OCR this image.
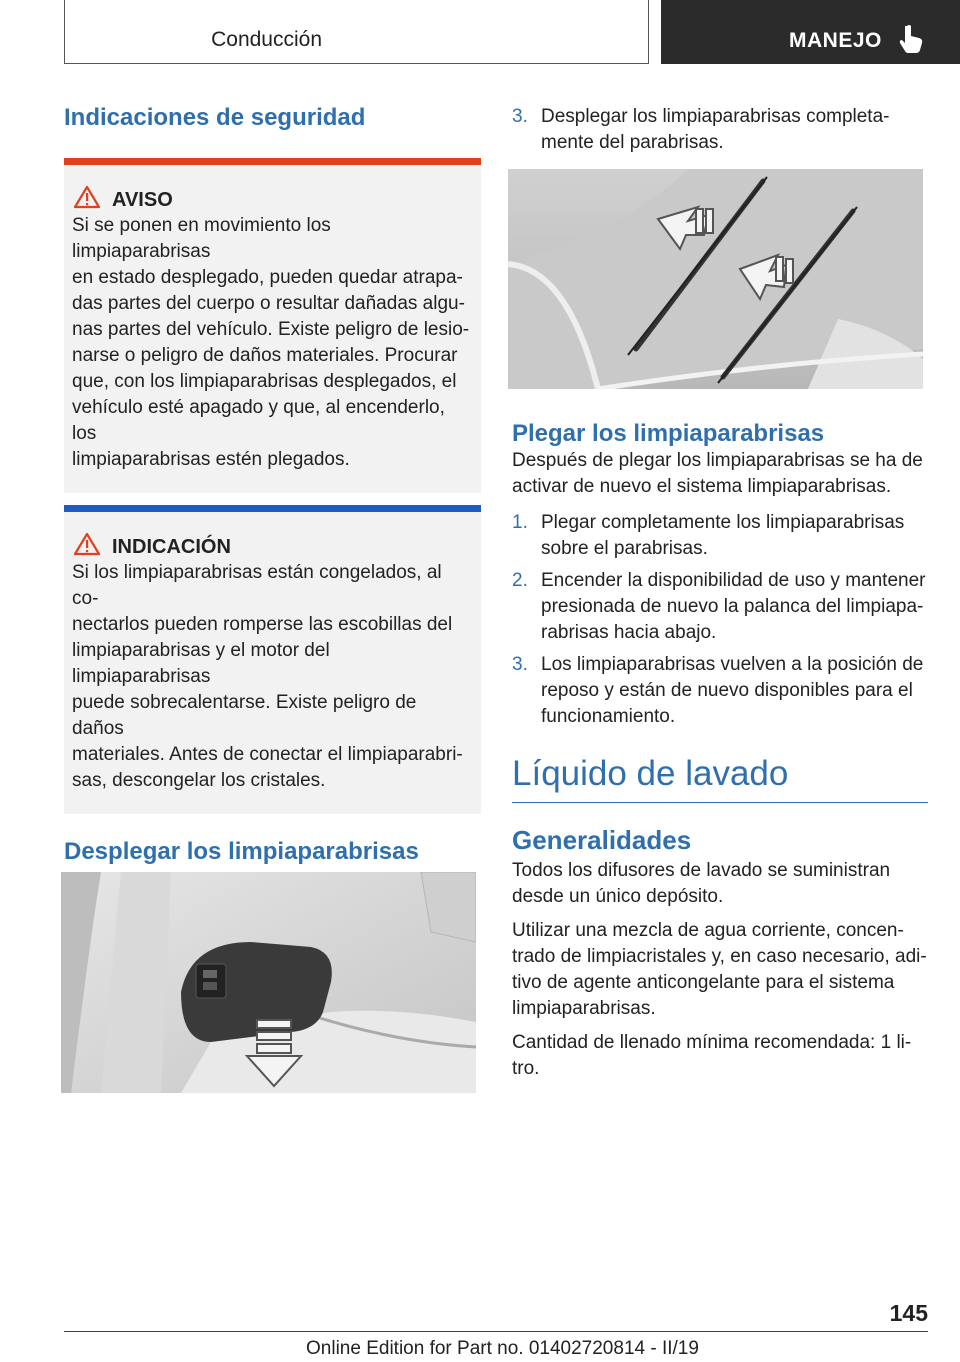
Conducción	MANEJO
Indicaciones de seguridad
AVISO

Si se ponen en movimiento los limpiaparabrisas

en estado desplegado, pueden quedar atrapa‐

das partes del cuerpo o resultar dañadas algu‐

nas partes del vehículo. Existe peligro de lesio‐

narse o peligro de daños materiales. Procurar

que, con los limpiaparabrisas desplegados, el

vehículo esté apagado y que, al encenderlo, los

limpiaparabrisas estén plegados.

INDICACIÓN

Si los limpiaparabrisas están congelados, al co‐

nectarlos pueden romperse las escobillas del

limpiaparabrisas y el motor del limpiaparabrisas

puede sobrecalentarse. Existe peligro de daños

materiales. Antes de conectar el limpiaparabri‐

sas, descongelar los cristales.

Desplegar los limpiaparabrisas
3. Desplegar los limpiaparabrisas completa‐
mente del parabrisas.
Plegar los limpiaparabrisas

Después de plegar los limpiaparabrisas se ha de

activar de nuevo el sistema limpiaparabrisas.

1. Plegar completamente los limpiaparabrisas
sobre el parabrisas.
2. Encender la disponibilidad de uso y mantener
presionada de nuevo la palanca del limpiapa‐
rabrisas hacia abajo.
3. Los limpiaparabrisas vuelven a la posición de
reposo y están de nuevo disponibles para el
funcionamiento.
Líquido de lavado
Generalidades

Todos los difusores de lavado se suministran

desde un único depósito.

Utilizar una mezcla de agua corriente, concen‐

trado de limpiacristales y, en caso necesario, adi‐

tivo de agente anticongelante para el sistema

limpiaparabrisas.

Cantidad de llenado mínima recomendada: 1 li‐

tro.

145
Online Edition for Part no. 01402720814 - II/19
